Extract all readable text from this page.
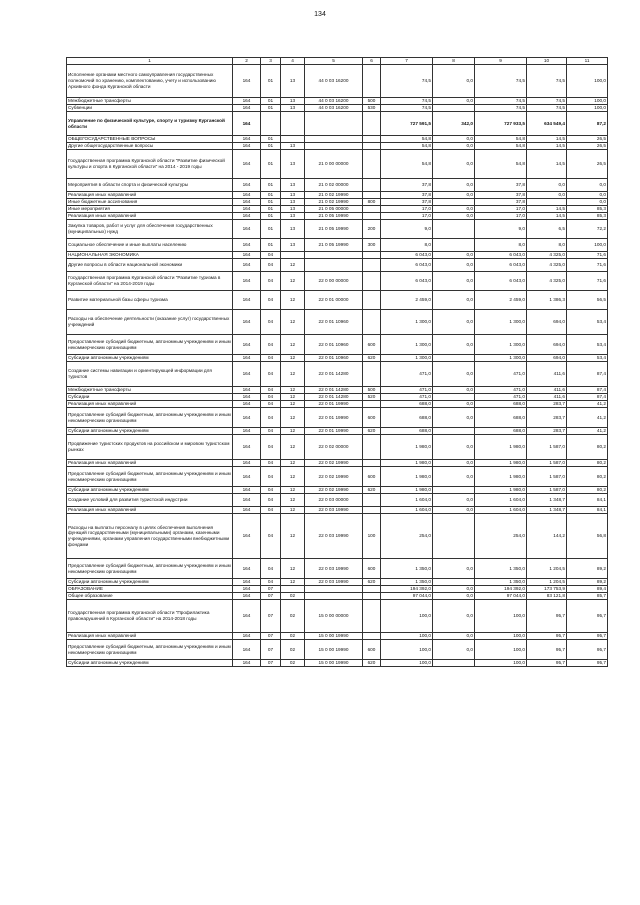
134
1	2	3	4	5	6	7	8	9	10	11
Исполнение органами местного самоуправления государственных полномочий по хранению, комплектованию, учету и использованию Архивного фонда Курганской области	164	01	13	44 0 03 16200		74,5	0,0	74,5	74,5	100,0
Межбюджетные трансферты	164	01	13	44 0 03 16200	500	74,5	0,0	74,5	74,5	100,0
Субвенции	164	01	13	44 0 03 16200	530	74,5		74,5	74,5	100,0
Управление по физической культуре, спорту и туризму Курганской области	164					727 591,5	342,0	727 933,5	634 549,4	87,2
ОБЩЕГОСУДАРСТВЕННЫЕ ВОПРОСЫ	164	01				54,8	0,0	54,8	14,5	26,5
Другие общегосударственные вопросы	164	01	13			54,8	0,0	54,8	14,5	26,5
Государственная программа Курганской области "Развитие физической культуры и спорта в Курганской области" на 2014 - 2019 годы	164	01	13	21 0 00 00000		54,8	0,0	54,8	14,5	26,5
Мероприятия в области спорта и физической культуры	164	01	13	21 0 02 00000		37,8	0,0	37,8	0,0	0,0
Реализация иных направлений	164	01	13	21 0 02 19990		37,8	0,0	37,8	0,0	0,0
Иные бюджетные ассигнования	164	01	13	21 0 02 19990	800	37,8		37,8		0,0
Иные мероприятия	164	01	13	21 0 05 00000		17,0	0,0	17,0	14,5	85,3
Реализация иных направлений	164	01	13	21 0 05 19990		17,0	0,0	17,0	14,5	85,3
Закупка товаров, работ и услуг для обеспечения государственных (муниципальных) нужд	164	01	13	21 0 05 19990	200	9,0		9,0	6,5	72,2
Социальное обеспечение и иные выплаты населению	164	01	13	21 0 05 19990	300	8,0		8,0	8,0	100,0
НАЦИОНАЛЬНАЯ ЭКОНОМИКА	164	04				6 043,0	0,0	6 043,0	4 325,0	71,6
Другие вопросы в области национальной экономики	164	04	12			6 043,0	0,0	6 043,0	4 325,0	71,6
Государственная программа Курганской области "Развитие туризма в Курганской области" на 2014-2019 годы	164	04	12	22 0 00 00000		6 043,0	0,0	6 043,0	4 325,0	71,6
Развитие материальной базы сферы туризма	164	04	12	22 0 01 00000		2 459,0	0,0	2 459,0	1 386,3	56,5
Расходы на обеспечение деятельности (оказание услуг) государственных учреждений	164	04	12	22 0 01 10960		1 300,0	0,0	1 300,0	694,0	53,4
Предоставление субсидий бюджетным, автономным учреждениям и иным некоммерческим организациям	164	04	12	22 0 01 10960	600	1 300,0	0,0	1 300,0	694,0	53,4
Субсидии автономным учреждениям	164	04	12	22 0 01 10960	620	1 300,0		1 300,0	694,0	53,4
Создание системы навигации и ориентирующей информации для туристов	164	04	12	22 0 01 14280		471,0	0,0	471,0	411,6	87,4
Межбюджетные трансферты	164	04	12	22 0 01 14280	500	471,0	0,0	471,0	411,6	87,4
Субсидии	164	04	12	22 0 01 14280	520	471,0		471,0	411,6	87,4
Реализация иных направлений	164	04	12	22 0 01 19990		688,0	0,0	688,0	283,7	41,2
Предоставление субсидий бюджетным, автономным учреждениям и иным некоммерческим организациям	164	04	12	22 0 01 19990	600	688,0	0,0	688,0	283,7	41,2
Субсидии автономным учреждениям	164	04	12	22 0 01 19990	620	688,0		688,0	283,7	41,2
Продвижение туристских продуктов на российском и мировом туристском рынках	164	04	12	22 0 02 00000		1 980,0	0,0	1 980,0	1 587,0	80,2
Реализация иных направлений	164	04	12	22 0 02 19990		1 980,0	0,0	1 980,0	1 587,0	80,2
Предоставление субсидий бюджетным, автономным учреждениям и иным некоммерческим организациям	164	04	12	22 0 02 19990	600	1 980,0	0,0	1 980,0	1 587,0	80,2
Субсидии автономным учреждениям	164	04	12	22 0 02 19990	620	1 980,0		1 980,0	1 587,0	80,2
Создание условий для развития туристской индустрии	164	04	12	22 0 03 00000		1 604,0	0,0	1 604,0	1 348,7	84,1
Реализация иных направлений	164	04	12	22 0 03 19990		1 604,0	0,0	1 604,0	1 348,7	84,1
Расходы на выплаты персоналу в целях обеспечения выполнения функций государственными (муниципальными) органами, казенными учреждениями, органами управления государственными внебюджетными фондами	164	04	12	22 0 03 19990	100	254,0		254,0	144,2	56,8
Предоставление субсидий бюджетным, автономным учреждениям и иным некоммерческим организациям	164	04	12	22 0 03 19990	600	1 350,0	0,0	1 350,0	1 204,5	89,2
Субсидии автономным учреждениям	164	04	12	22 0 03 19990	620	1 350,0		1 350,0	1 204,5	89,2
ОБРАЗОВАНИЕ	164	07				194 392,0	0,0	194 392,0	173 753,9	89,4
Общее образование	164	07	02			97 044,0	0,0	97 044,0	83 121,8	85,7
Государственная программа Курганской области "Профилактика правонарушений в Курганской области" на 2014-2018 годы	164	07	02	15 0 00 00000		100,0	0,0	100,0	95,7	95,7
Реализация иных направлений	164	07	02	15 0 00 19990		100,0	0,0	100,0	95,7	95,7
Предоставление субсидий бюджетным, автономным учреждениям и иным некоммерческим организациям	164	07	02	15 0 00 19990	600	100,0	0,0	100,0	95,7	95,7
Субсидии автономным учреждениям	164	07	02	15 0 00 19990	620	100,0		100,0	95,7	95,7
